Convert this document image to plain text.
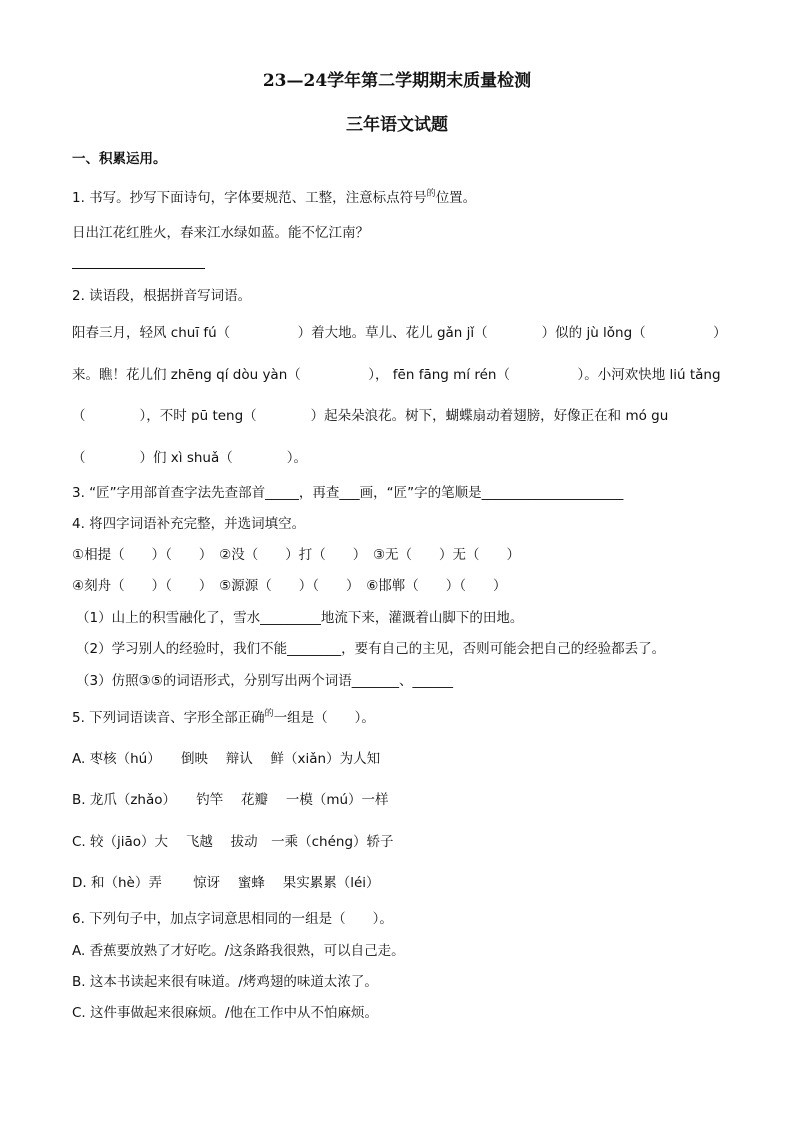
23—24学年第二学期期末质量检测
三年语文试题
一、积累运用。
1. 书写。抄写下面诗句，字体要规范、工整，注意标点符号$^的$位置。
日出江花红胜火，春来江水绿如蓝。能不忆江南？
2. 读语段，根据拼音写词语。
阳春三月，轻风 chuī fú（　　　　　）着大地。草儿、花儿 gǎn jǐ（　　　　）似的 jù lǒng（　　　　　）
来。瞧！花儿们 zhēng qí dòu yàn（　　　　　）， fēn fāng mí rén（　　　　　）。小河欢快地 liú tǎng
（　　　　），不时 pū teng（　　　　）起朵朵浪花。树下，蝴蝶扇动着翅膀，好像正在和 mó gu
（　　　　）们 xì shuǎ（　　　　）。
3. “匠”字用部首查字法先查部首_____，再查___画，“匠”字的笔顺是_____________________
4. 将四字词语补充完整，并选词填空。
①相提（　　）（　　）　②没（　　）打（　　）　③无（　　）无（　　）
④刻舟（　　）（　　）　⑤源源（　　）（　　）　⑥邯郸（　　）（　　）
（1）山上的积雪融化了，雪水_________地流下来，灌溉着山脚下的田地。
（2）学习别人的经验时，我们不能________，要有自己的主见，否则可能会把自己的经验都丢了。
（3）仿照③⑤的词语形式，分别写出两个词语_______、______
5. 下列词语读音、字形全部正确$^的$一组是（　　）。
A. 枣核（hú）　　倒映　 辩认　 鲜（xiǎn）为人知
B. 龙爪（zhǎo）　　钓竿　 花瓣　 一模（mú）一样
C. 较（jiāo）大　 飞越　 拔动　一乘（chéng）轿子
D. 和（hè）弄　　 惊讶　 蜜蜂　 果实累累（léi）
6. 下列句子中，加点字词意思相同的一组是（　　）。
A. 香蕉要放熟了才好吃。/这条路我很熟，可以自己走。
B. 这本书读起来很有味道。/烤鸡翅的味道太浓了。
C. 这件事做起来很麻烦。/他在工作中从不怕麻烦。
